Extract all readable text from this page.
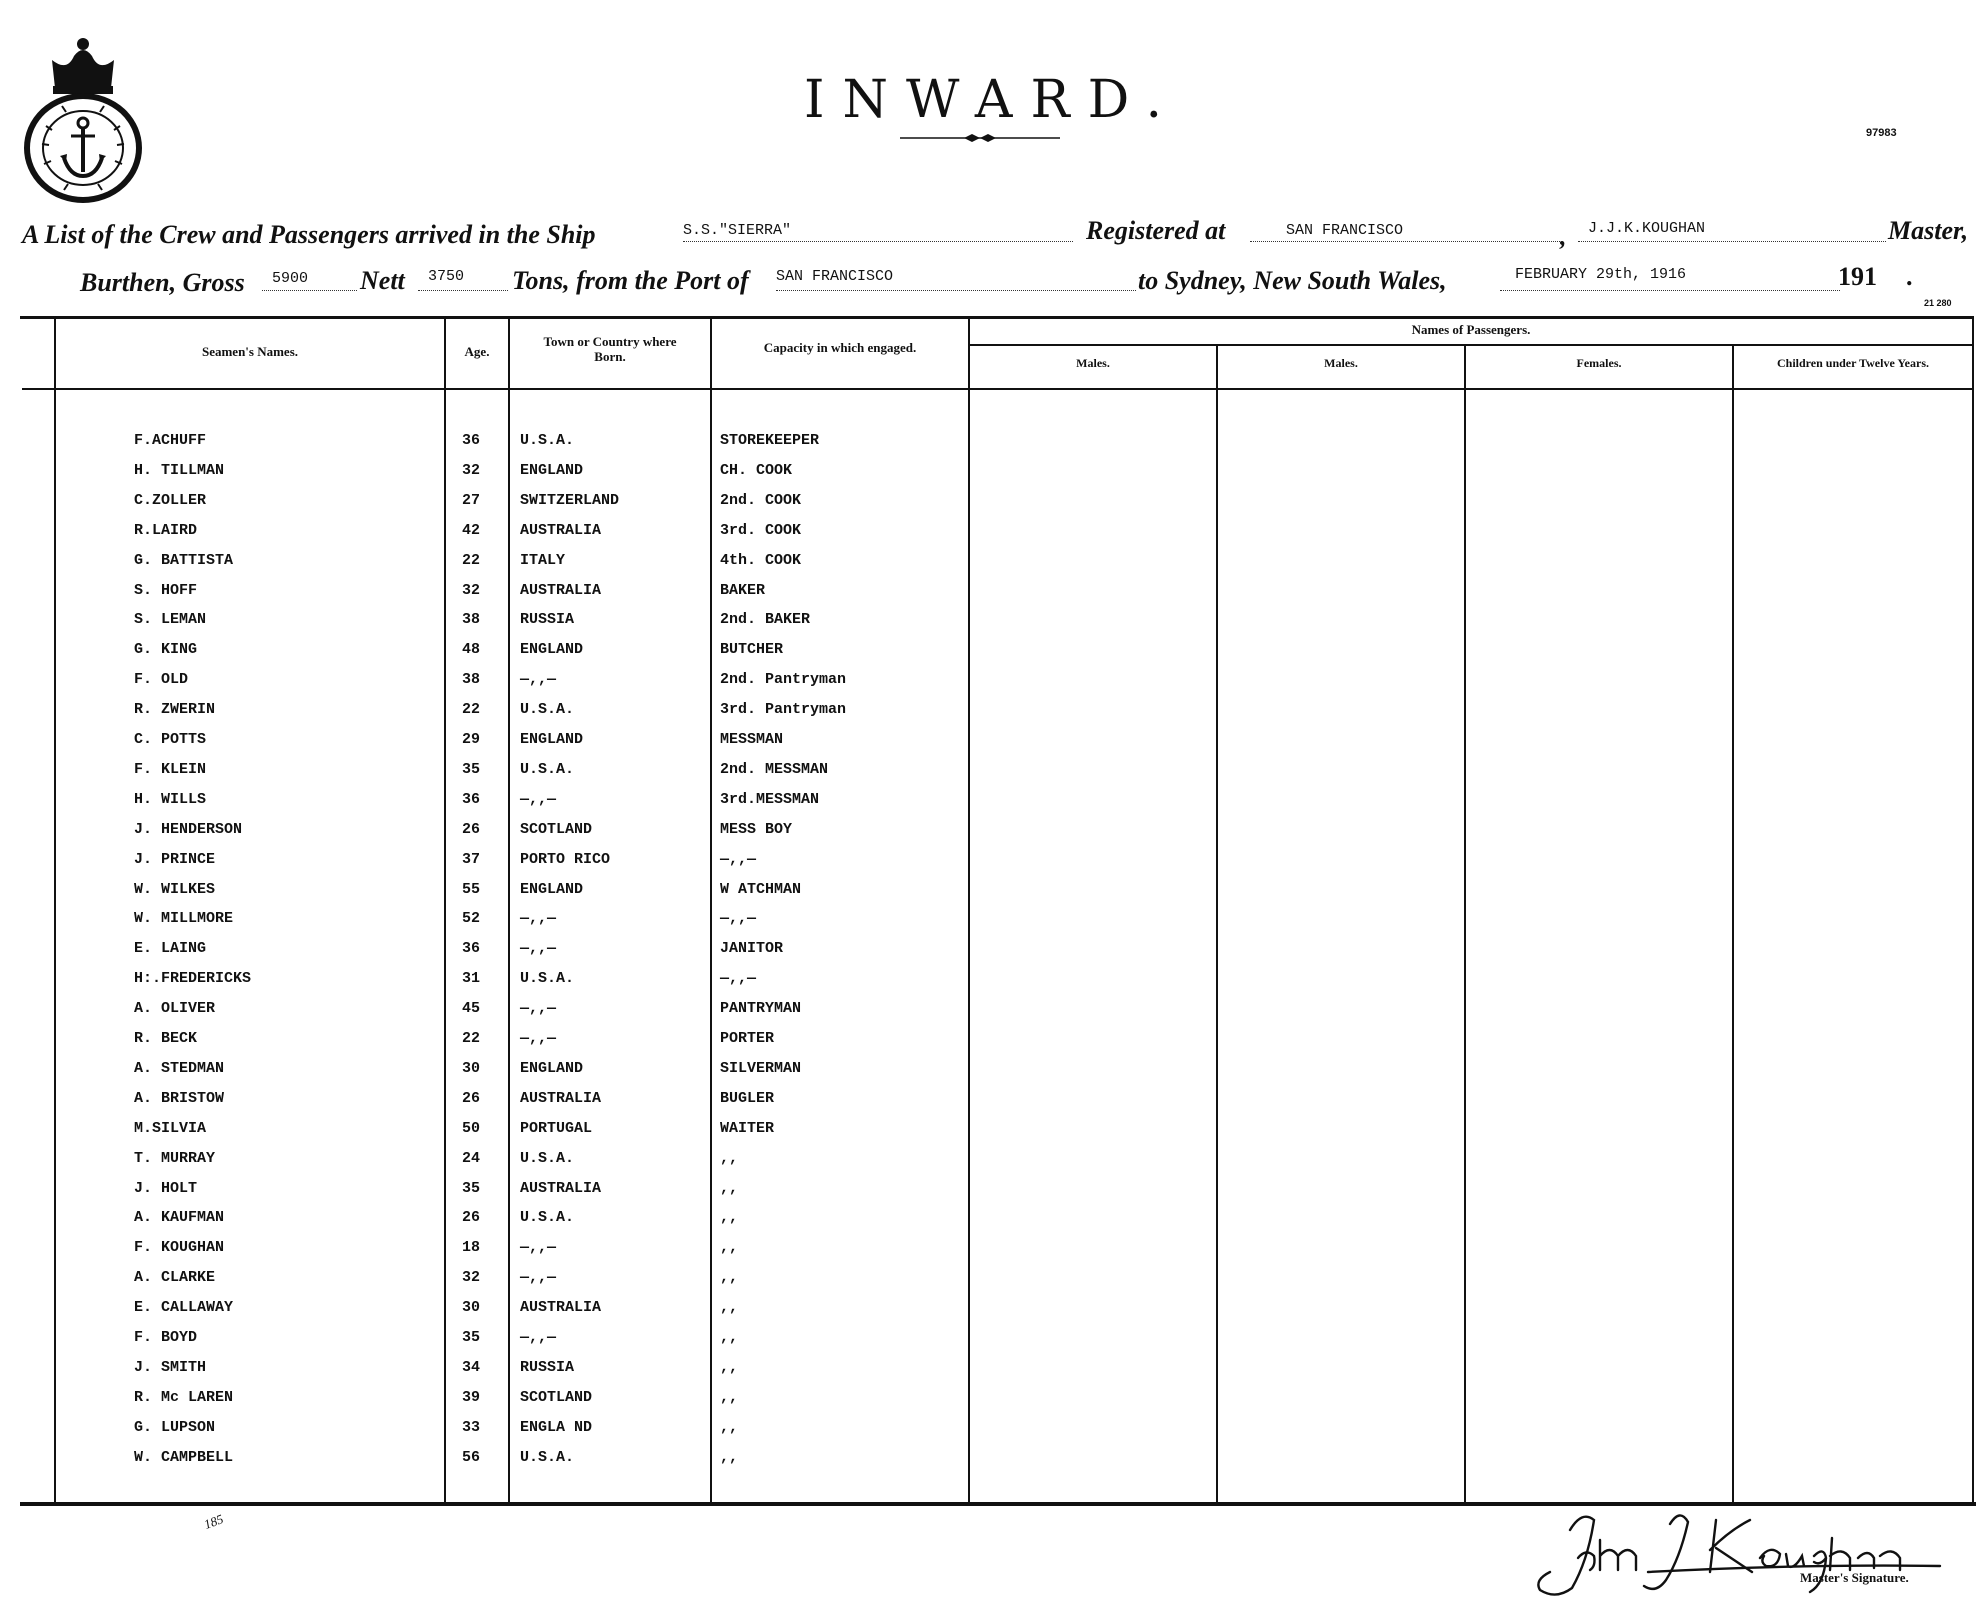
INWARD.
97983
A List of the Crew and Passengers arrived in the Ship	S.S."SIERRA"	Registered at	SAN FRANCISCO	, J.J.K.KOUGHAN	Master,
Burthen, Gross 5900 Nett 3750 Tons, from the Port of SAN FRANCISCO	to Sydney, New South Wales,	FEBRUARY 29th, 1916	191 .
21 280
Seamen's Names.	Age.
Town or Country where Born.
Capacity in which engaged.
Names of Passengers.
Males.	Males.	Females.	Children under Twelve Years.
F.ACHUFF	36	U.S.A.	STOREKEEPER
H. TILLMAN	32	ENGLAND	CH. COOK
C.ZOLLER	27	SWITZERLAND	2nd. COOK
R.LAIRD	42	AUSTRALIA	3rd. COOK
G. BATTISTA	22	ITALY	4th. COOK
S. HOFF	32	AUSTRALIA	BAKER
S. LEMAN	38	RUSSIA	2nd. BAKER
G. KING	48	ENGLAND	BUTCHER
F. OLD	38	—,,—	2nd. Pantryman
R. ZWERIN	22	U.S.A.	3rd. Pantryman
C. POTTS	29	ENGLAND	MESSMAN
F. KLEIN	35	U.S.A.	2nd. MESSMAN
H. WILLS	36	—,,—	3rd.MESSMAN
J. HENDERSON	26	SCOTLAND	MESS BOY
J. PRINCE	37	PORTO RICO	—,,—
W. WILKES	55	ENGLAND	W ATCHMAN
W. MILLMORE	52	—,,—	—,,—
E. LAING	36	—,,—	JANITOR
H:.FREDERICKS	31	U.S.A.	—,,—
A. OLIVER	45	—,,—	PANTRYMAN
R. BECK	22	—,,—	PORTER
A. STEDMAN	30	ENGLAND	SILVERMAN
A. BRISTOW	26	AUSTRALIA	BUGLER
M.SILVIA	50	PORTUGAL	WAITER
T. MURRAY	24	U.S.A.	,,
J. HOLT	35	AUSTRALIA	,,
A. KAUFMAN	26	U.S.A.	,,
F. KOUGHAN	18	—,,—	,,
A. CLARKE	32	—,,—	,,
E. CALLAWAY	30	AUSTRALIA	,,
F. BOYD	35	—,,—	,,
J. SMITH	34	RUSSIA	,,
R. Mc LAREN	39	SCOTLAND	,,
G. LUPSON	33	ENGLA ND	,,
W. CAMPBELL	56	U.S.A.	,,
185
Master's Signature.
